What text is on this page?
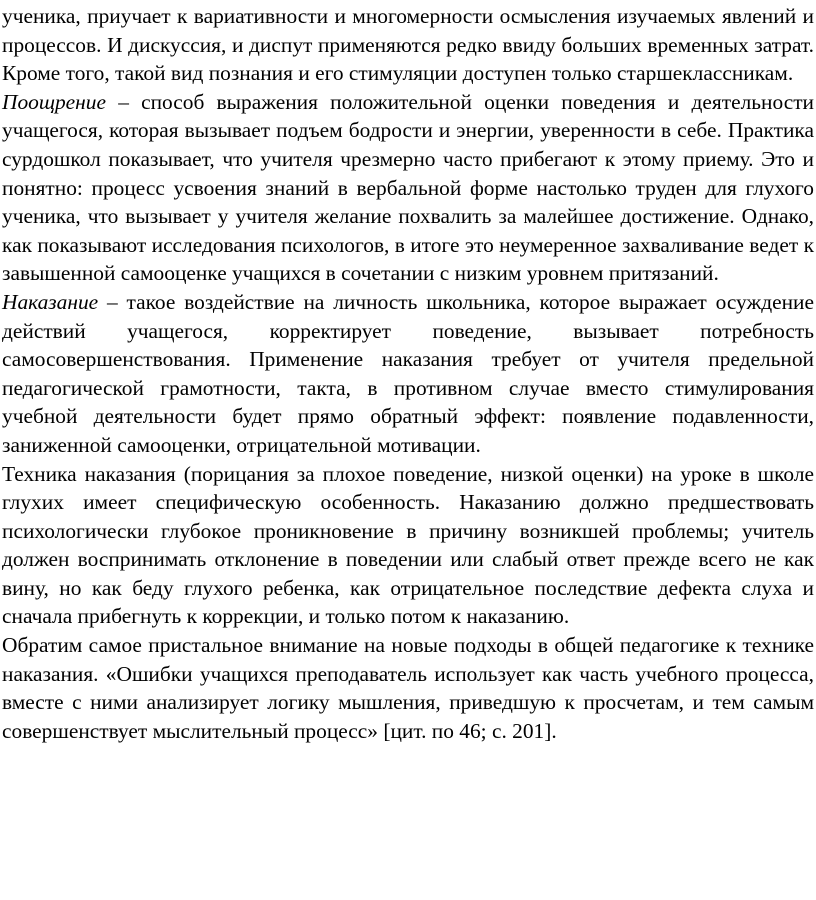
ученика, приучает к вариативности и многомерности осмысления изучаемых явлений и процессов. И дискуссия, и диспут применяются редко ввиду больших временных затрат. Кроме того, такой вид познания и его стимуляции доступен только старшеклассникам.

Поощрение – способ выражения положительной оценки поведения и деятельности учащегося, которая вызывает подъем бодрости и энергии, уверенности в себе. Практика сурдошкол показывает, что учителя чрезмерно часто прибегают к этому приему. Это и понятно: процесс усвоения знаний в вербальной форме настолько труден для глухого ученика, что вызывает у учителя желание похвалить за малейшее достижение. Однако, как показывают исследования психологов, в итоге это неумеренное захваливание ведет к завышенной самооценке учащихся в сочетании с низким уровнем притязаний.

Наказание – такое воздействие на личность школьника, которое выражает осуждение действий учащегося, корректирует поведение, вызывает потребность самосовершенствования. Применение наказания требует от учителя предельной педагогической грамотности, такта, в противном случае вместо стимулирования учебной деятельности будет прямо обратный эффект: появление подавленности, заниженной самооценки, отрицательной мотивации.

Техника наказания (порицания за плохое поведение, низкой оценки) на уроке в школе глухих имеет специфическую особенность. Наказанию должно предшествовать психологически глубокое проникновение в причину возникшей проблемы; учитель должен воспринимать отклонение в поведении или слабый ответ прежде всего не как вину, но как беду глухого ребенка, как отрицательное последствие дефекта слуха и сначала прибегнуть к коррекции, и только потом к наказанию.

Обратим самое пристальное внимание на новые подходы в общей педагогике к технике наказания. «Ошибки учащихся преподаватель использует как часть учебного процесса, вместе с ними анализирует логику мышления, приведшую к просчетам, и тем самым совершенствует мыслительный процесс» [цит. по 46; с. 201].
